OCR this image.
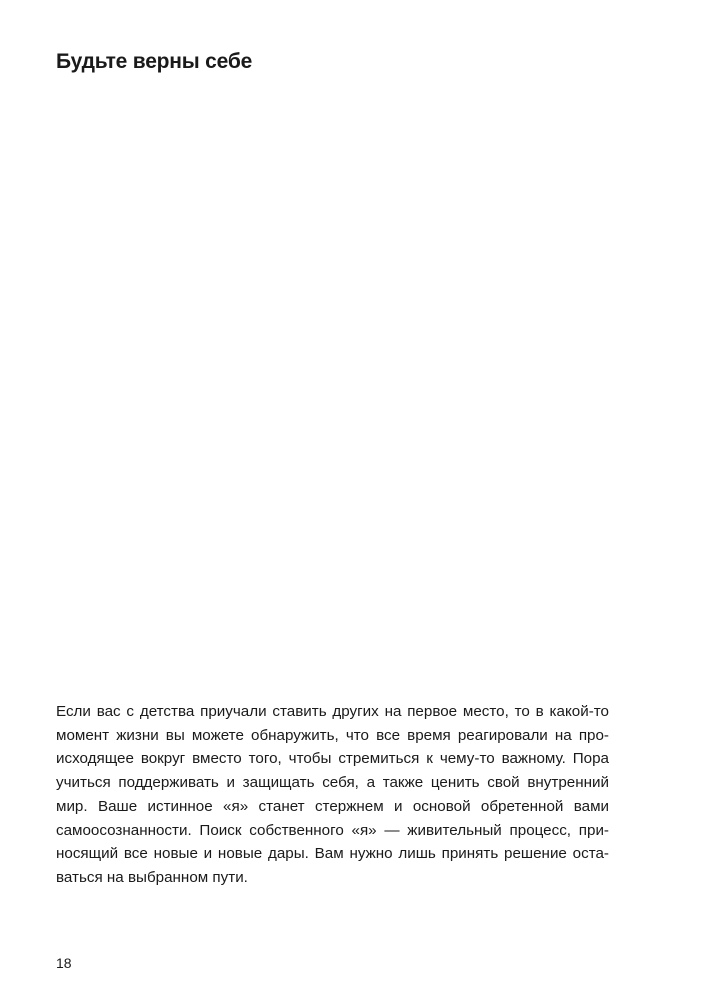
Будьте верны себе
Если вас с детства приучали ставить других на первое место, то в какой-то
момент жизни вы можете обнаружить, что все время реагировали на про-
исходящее вокруг вместо того, чтобы стремиться к чему-то важному. Пора
учиться поддерживать и защищать себя, а также ценить свой внутренний
мир. Ваше истинное «я» станет стержнем и основой обретенной вами
самоосознанности. Поиск собственного «я» — живительный процесс, при-
носящий все новые и новые дары. Вам нужно лишь принять решение оста-
ваться на выбранном пути.
18
